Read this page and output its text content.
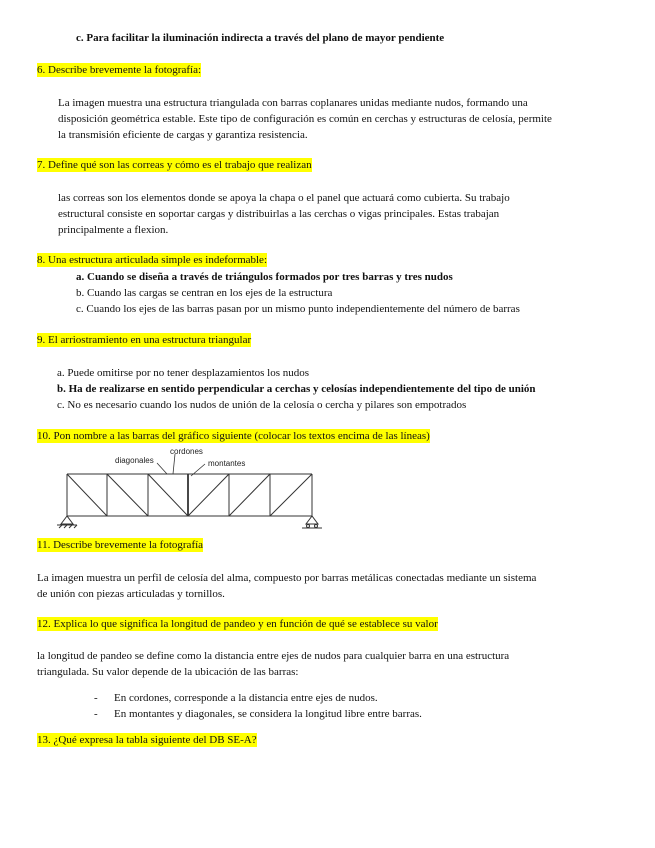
c. Para facilitar la iluminación indirecta a través del plano de mayor pendiente
6. Describe brevemente la fotografía:
La imagen muestra una estructura triangulada con barras coplanares unidas mediante nudos, formando una
disposición geométrica estable. Este tipo de configuración es común en cerchas y estructuras de celosía, permite
la transmisión eficiente de cargas y garantiza resistencia.
7. Define qué son las correas y cómo es el trabajo que realizan
las correas son los elementos donde se apoya la chapa o el panel que actuará como cubierta. Su trabajo
estructural consiste en soportar cargas y distribuirlas a las cerchas o vigas principales. Estas trabajan
principalmente a flexion.
8. Una estructura articulada simple es indeformable:
a. Cuando se diseña a través de triángulos formados por tres barras y tres nudos
b. Cuando las cargas se centran en los ejes de la estructura
c. Cuando los ejes de las barras pasan por un mismo punto independientemente del número de barras
9. El arriostramiento en una estructura triangular
a. Puede omitirse por no tener desplazamientos los nudos
b. Ha de realizarse en sentido perpendicular a cerchas y celosías independientemente del tipo de unión
c. No es necesario cuando los nudos de unión de la celosía o cercha y pilares son empotrados
10. Pon nombre a las barras del gráfico siguiente (colocar los textos encima de las líneas)
cordones
diagonales	montantes
11. Describe brevemente la fotografía
La imagen muestra un perfil de celosía del alma, compuesto por barras metálicas conectadas mediante un sistema
de unión con piezas articuladas y tornillos.
12. Explica lo que significa la longitud de pandeo y en función de qué se establece su valor
la longitud de pandeo se define como la distancia entre ejes de nudos para cualquier barra en una estructura
triangulada. Su valor depende de la ubicación de las barras:
- En cordones, corresponde a la distancia entre ejes de nudos.
- En montantes y diagonales, se considera la longitud libre entre barras.
13. ¿Qué expresa la tabla siguiente del DB SE-A?
